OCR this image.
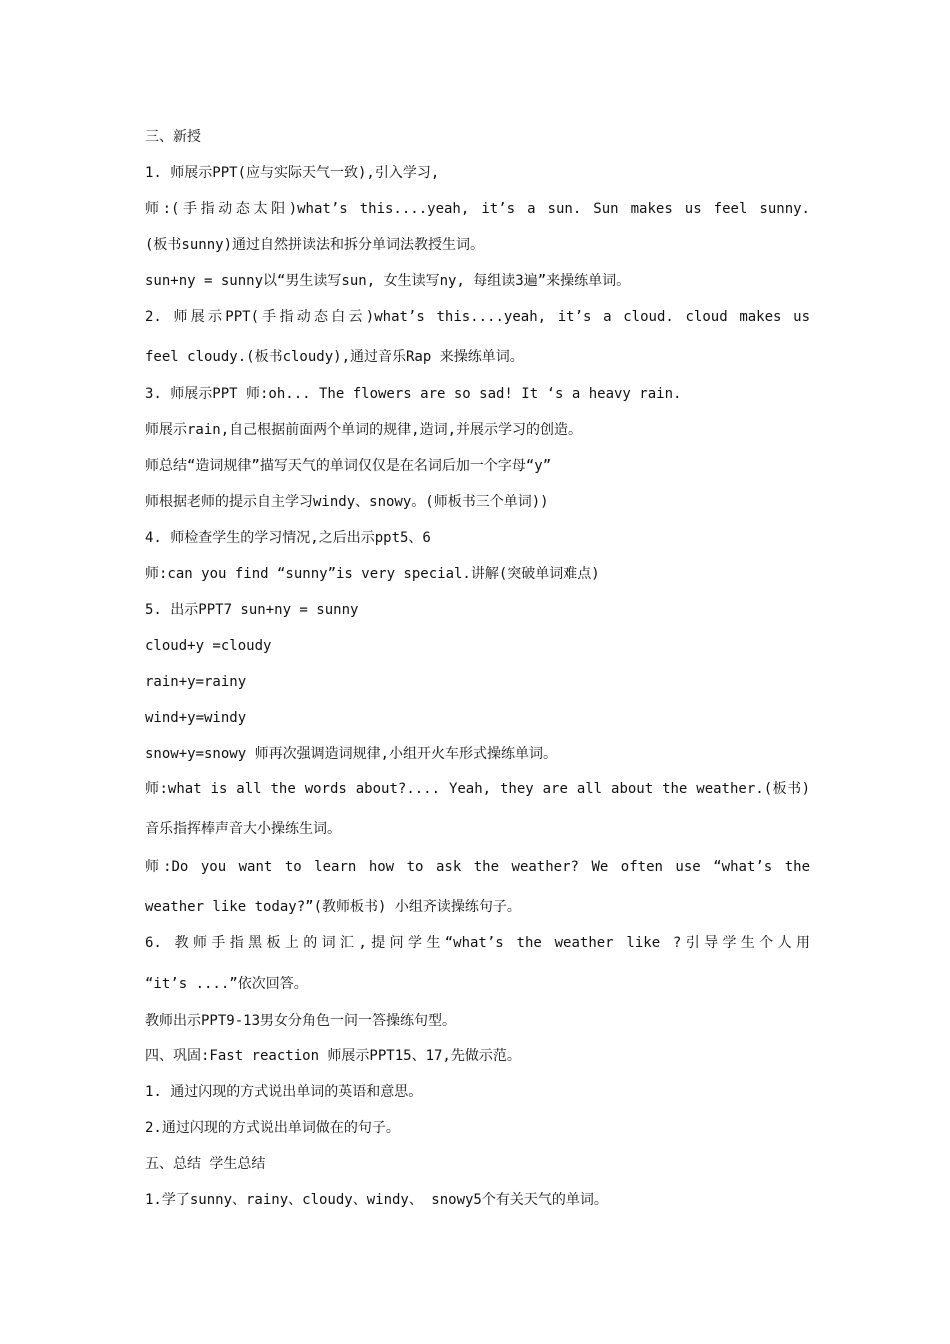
三、新授
1. 师展示PPT(应与实际天气一致),引入学习,
师:(手指动态太阳)what’s this....yeah, it’s a sun. Sun makes us feel sunny.
(板书sunny)通过自然拼读法和拆分单词法教授生词。
sun+ny = sunny以“男生读写sun, 女生读写ny, 每组读3遍”来操练单词。
2. 师展示PPT(手指动态白云)what’s this....yeah, it’s a cloud. cloud makes us
feel cloudy.(板书cloudy),通过音乐Rap 来操练单词。
3. 师展示PPT 师:oh... The flowers are so sad! It ‘s a heavy rain.
师展示rain,自己根据前面两个单词的规律,造词,并展示学习的创造。
师总结“造词规律”描写天气的单词仅仅是在名词后加一个字母“y”
师根据老师的提示自主学习windy、snowy。(师板书三个单词))
4. 师检查学生的学习情况,之后出示ppt5、6
师:can you find “sunny”is very special.讲解(突破单词难点)
5. 出示PPT7 sun+ny = sunny
cloud+y =cloudy
rain+y=rainy
wind+y=windy
snow+y=snowy 师再次强调造词规律,小组开火车形式操练单词。
师:what is all the words about?.... Yeah, they are all about the weather.(板书)
音乐指挥棒声音大小操练生词。
师:Do you want to learn how to ask the weather? We often use “what’s the
weather like today?”(教师板书) 小组齐读操练句子。
6. 教师手指黑板上的词汇,提问学生“what’s the weather like ?引导学生个人用
“it’s ....”依次回答。
教师出示PPT9-13男女分角色一问一答操练句型。
四、巩固:Fast reaction 师展示PPT15、17,先做示范。
1. 通过闪现的方式说出单词的英语和意思。
2.通过闪现的方式说出单词做在的句子。
五、总结 学生总结
1.学了sunny、rainy、cloudy、windy、 snowy5个有关天气的单词。
